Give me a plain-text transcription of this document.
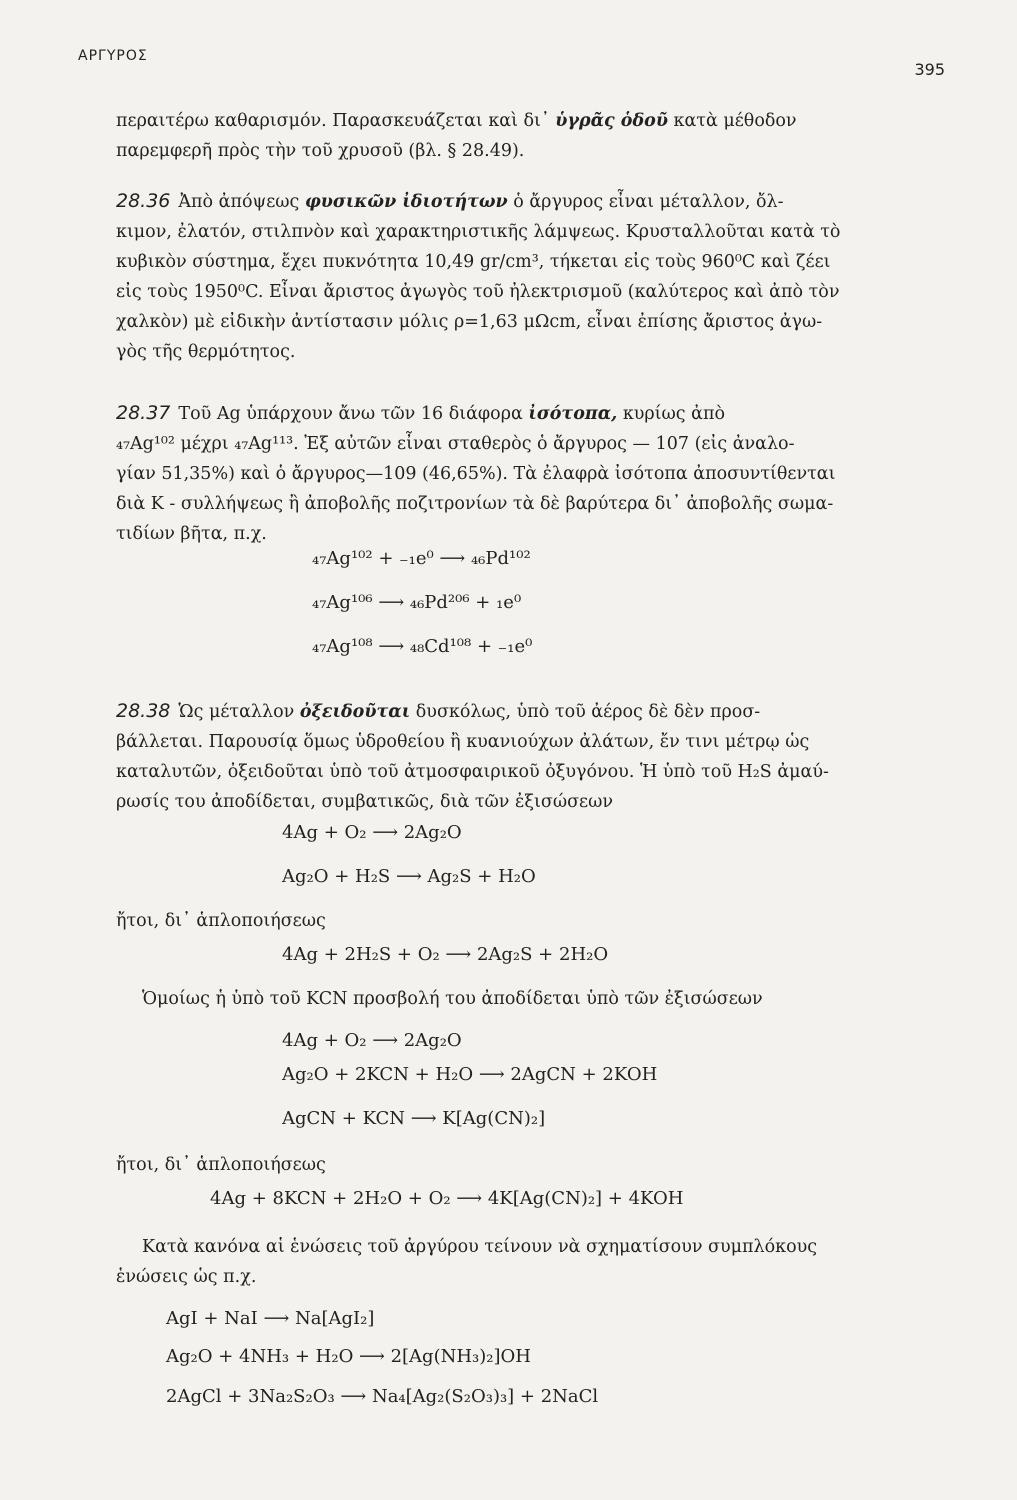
ΑΡΓΥΡΟΣ
395
περαιτέρω καθαρισμόν. Παρασκευάζεται καὶ δι᾽ ὑγρᾶς ὁδοῦ κατὰ μέθοδον
παρεμφερῆ πρὸς τὴν τοῦ χρυσοῦ (βλ. § 28.49).
28.36 Ἀπὸ ἀπόψεως φυσικῶν ἰδιοτήτων ὁ ἄργυρος εἶναι μέταλλον, ὄλ-
κιμον, ἐλατόν, στιλπνὸν καὶ χαρακτηριστικῆς λάμψεως. Κρυσταλλοῦται κατὰ τὸ
κυβικὸν σύστημα, ἔχει πυκνότητα 10,49 gr/cm³, τήκεται εἰς τοὺς 960⁰C καὶ ζέει
εἰς τοὺς 1950⁰C. Εἶναι ἄριστος ἀγωγὸς τοῦ ἠλεκτρισμοῦ (καλύτερος καὶ ἀπὸ τὸν
χαλκὸν) μὲ εἰδικὴν ἀντίστασιν μόλις ρ=1,63 μΩcm, εἶναι ἐπίσης ἄριστος ἀγω-
γὸς τῆς θερμότητος.
28.37 Τοῦ Ag ὑπάρχουν ἄνω τῶν 16 διάφορα ἰσότοπα, κυρίως ἀπὸ
₄₇Ag¹⁰² μέχρι ₄₇Ag¹¹³. Ἐξ αὐτῶν εἶναι σταθερὸς ὁ ἄργυρος — 107 (εἰς ἀναλο-
γίαν 51,35%) καὶ ὁ ἄργυρος—109 (46,65%). Τὰ ἐλαφρὰ ἰσότοπα ἀποσυντίθενται
διὰ K - συλλήψεως ἢ ἀποβολῆς ποζιτρονίων τὰ δὲ βαρύτερα δι᾽ ἀποβολῆς σωμα-
τιδίων βῆτα, π.χ.
₄₇Ag¹⁰² + ₋₁e⁰ ⟶ ₄₆Pd¹⁰²
₄₇Ag¹⁰⁶ ⟶ ₄₆Pd²⁰⁶ + ₁e⁰
₄₇Ag¹⁰⁸ ⟶ ₄₈Cd¹⁰⁸ + ₋₁e⁰
28.38 Ὡς μέταλλον ὀξειδοῦται δυσκόλως, ὑπὸ τοῦ ἀέρος δὲ δὲν προσ-
βάλλεται. Παρουσίᾳ ὅμως ὑδροθείου ἢ κυανιούχων ἀλάτων, ἔν τινι μέτρῳ ὡς
καταλυτῶν, ὀξειδοῦται ὑπὸ τοῦ ἀτμοσφαιρικοῦ ὀξυγόνου. Ἡ ὑπὸ τοῦ H₂S ἀμαύ-
ρωσίς του ἀποδίδεται, συμβατικῶς, διὰ τῶν ἐξισώσεων
4Ag + O₂ ⟶ 2Ag₂O
Ag₂O + H₂S ⟶ Ag₂S + H₂O
ἤτοι, δι᾽ ἁπλοποιήσεως
4Ag + 2H₂S + O₂ ⟶ 2Ag₂S + 2H₂O
Ὁμοίως ἡ ὑπὸ τοῦ KCN προσβολή του ἀποδίδεται ὑπὸ τῶν ἐξισώσεων
4Ag + O₂ ⟶ 2Ag₂O
Ag₂O + 2KCN + H₂O ⟶ 2AgCN + 2KOH
AgCN + KCN ⟶ K[Ag(CN)₂]
ἤτοι, δι᾽ ἁπλοποιήσεως
4Ag + 8KCN + 2H₂O + O₂ ⟶ 4K[Ag(CN)₂] + 4KOH
Κατὰ κανόνα αἱ ἑνώσεις τοῦ ἀργύρου τείνουν νὰ σχηματίσουν συμπλόκους
ἑνώσεις ὡς π.χ.
AgI + NaI ⟶ Na[AgI₂]
Ag₂O + 4NH₃ + H₂O ⟶ 2[Ag(NH₃)₂]OH
2AgCl + 3Na₂S₂O₃ ⟶ Na₄[Ag₂(S₂O₃)₃] + 2NaCl
